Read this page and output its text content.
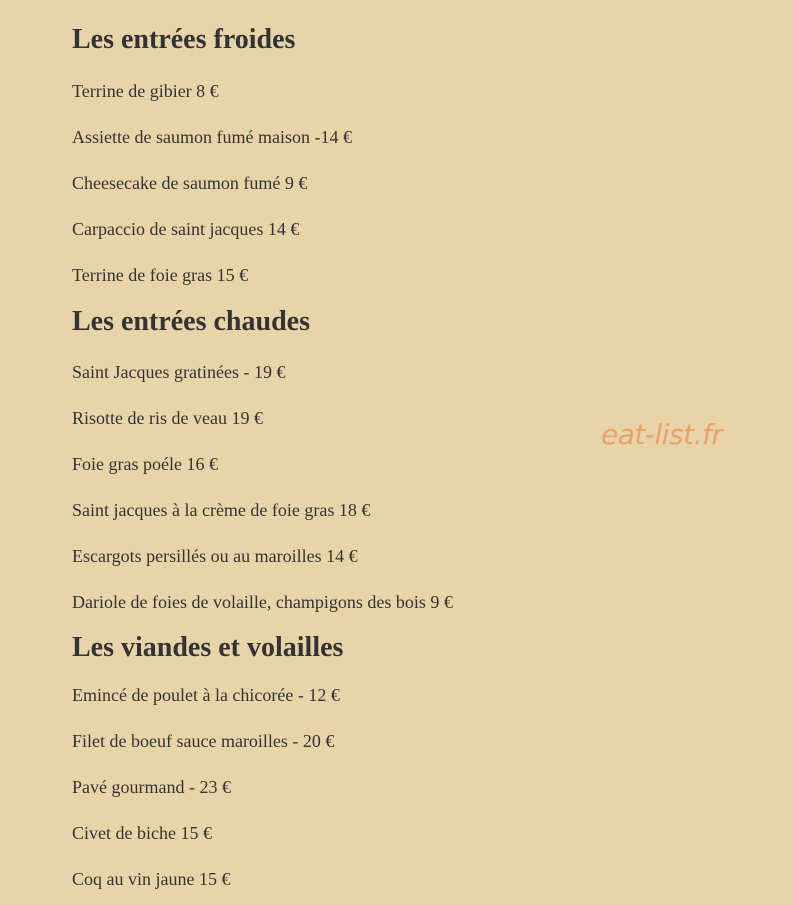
Les entrées froides

Terrine de gibier 8 €

Assiette de saumon fumé maison -14 €

Cheesecake de saumon fumé 9 €

Carpaccio de saint jacques 14 €

Terrine de foie gras 15 €

Les entrées chaudes

Saint Jacques gratinées - 19 €

Risotte de ris de veau 19 €

Foie gras poéle 16 €

Saint jacques à la crème de foie gras 18 €

Escargots persillés ou au maroilles 14 €

Dariole de foies de volaille, champigons des bois 9 €

Les viandes et volailles

Emincé de poulet à la chicorée - 12 €

Filet de boeuf sauce maroilles - 20 €

Pavé gourmand - 23 €

Civet de biche 15 €

Coq au vin jaune 15 €

eat-list.fr
